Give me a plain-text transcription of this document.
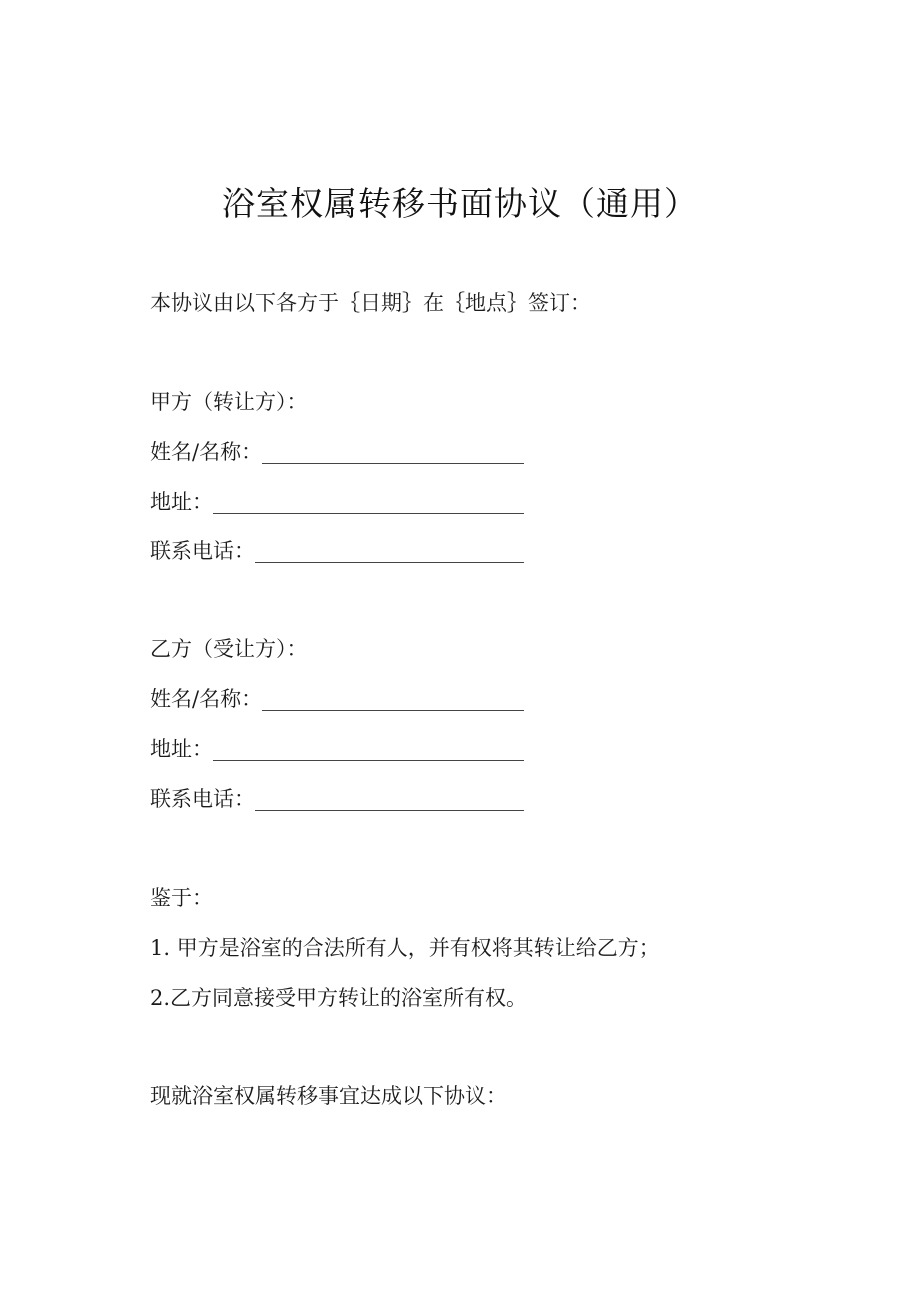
浴室权属转移书面协议（通用）
本协议由以下各方于｛日期｝在｛地点｝签订：
甲方（转让方）：
姓名/名称：
地址：
联系电话：
乙方（受让方）：
姓名/名称：
地址：
联系电话：
鉴于：
1. 甲方是浴室的合法所有人，并有权将其转让给乙方；
2.乙方同意接受甲方转让的浴室所有权。
现就浴室权属转移事宜达成以下协议：
